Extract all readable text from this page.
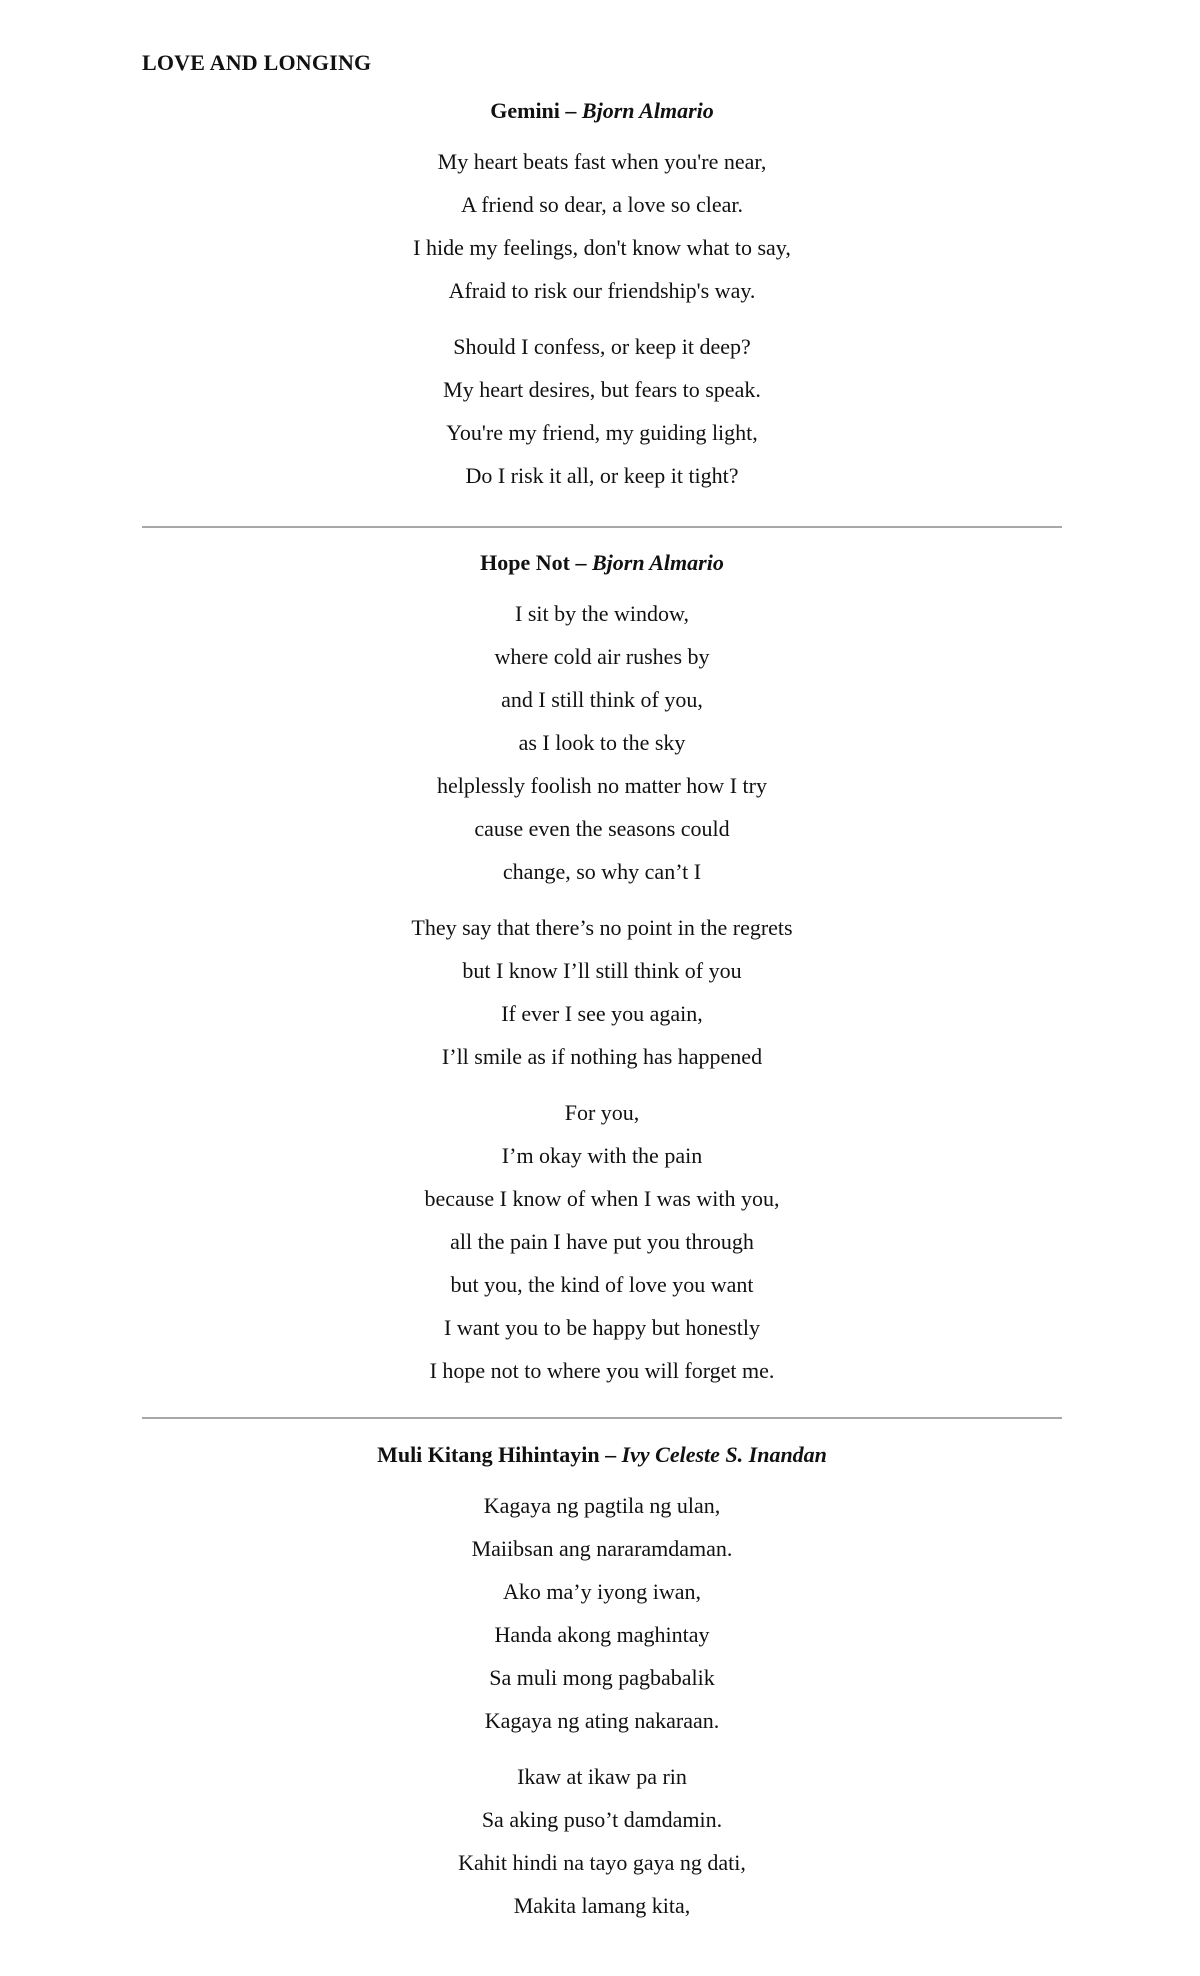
LOVE AND LONGING
Gemini – Bjorn Almario
My heart beats fast when you're near,
A friend so dear, a love so clear.
I hide my feelings, don't know what to say,
Afraid to risk our friendship's way.
Should I confess, or keep it deep?
My heart desires, but fears to speak.
You're my friend, my guiding light,
Do I risk it all, or keep it tight?
Hope Not – Bjorn Almario
I sit by the window,
where cold air rushes by
and I still think of you,
as I look to the sky
helplessly foolish no matter how I try
cause even the seasons could
change, so why can’t I
They say that there’s no point in the regrets
but I know I’ll still think of you
If ever I see you again,
I’ll smile as if nothing has happened
For you,
I’m okay with the pain
because I know of when I was with you,
all the pain I have put you through
but you, the kind of love you want
I want you to be happy but honestly
I hope not to where you will forget me.
Muli Kitang Hihintayin – Ivy Celeste S. Inandan
Kagaya ng pagtila ng ulan,
Maiibsan ang nararamdaman.
Ako ma’y iyong iwan,
Handa akong maghintay
Sa muli mong pagbabalik
Kagaya ng ating nakaraan.
Ikaw at ikaw pa rin
Sa aking puso’t damdamin.
Kahit hindi na tayo gaya ng dati,
Makita lamang kita,
